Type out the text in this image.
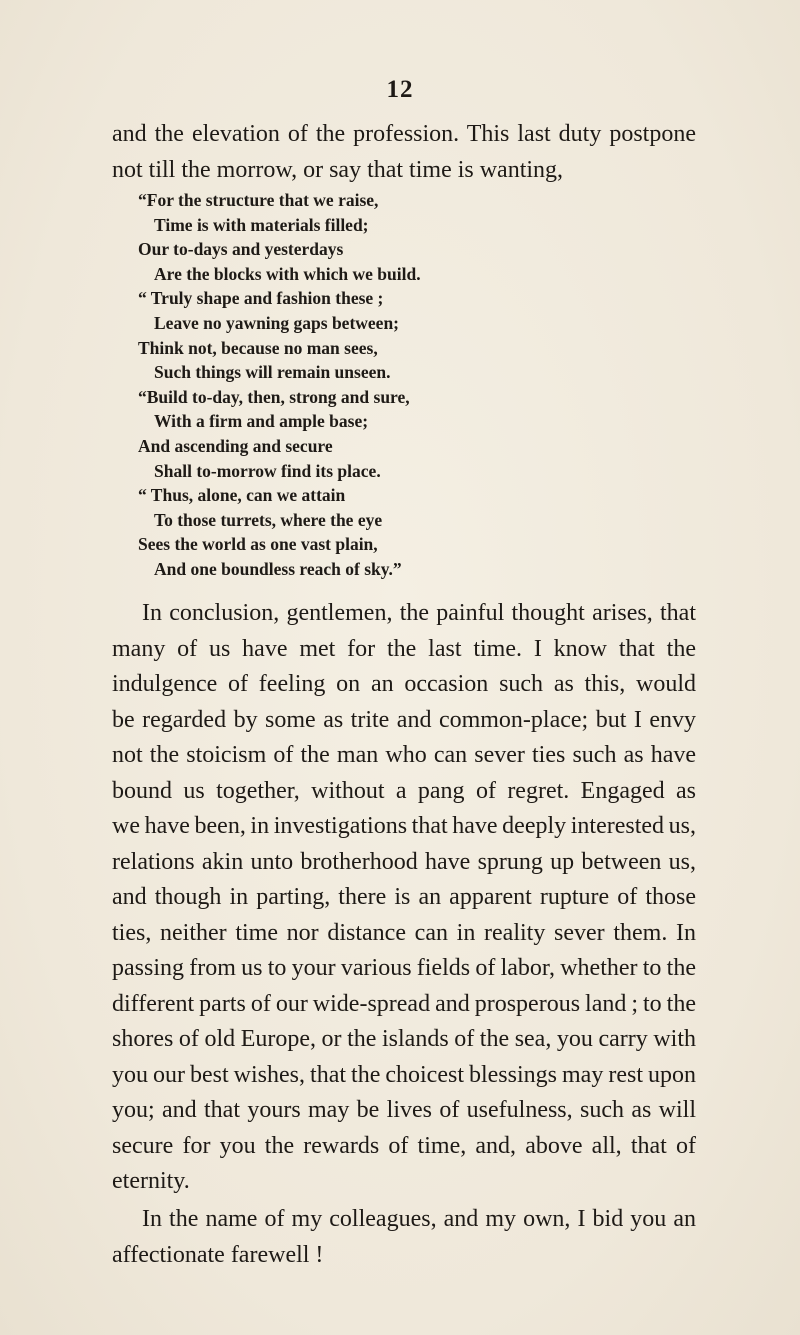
12

and the elevation of the profession. This last duty postpone
not till the morrow, or say that time is wanting,

“For the structure that we raise,
Time is with materials filled;
Our to-days and yesterdays
Are the blocks with which we build.
“ Truly shape and fashion these ;
Leave no yawning gaps between;
Think not, because no man sees,
Such things will remain unseen.
“Build to-day, then, strong and sure,
With a firm and ample base;
And ascending and secure
Shall to-morrow find its place.
“ Thus, alone, can we attain
To those turrets, where the eye
Sees the world as one vast plain,
And one boundless reach of sky.”

In conclusion, gentlemen, the painful thought arises, that
many of us have met for the last time. I know that the
indulgence of feeling on an occasion such as this, would
be regarded by some as trite and common-place; but I envy
not the stoicism of the man who can sever ties such as have
bound us together, without a pang of regret. Engaged as
we have been, in investigations that have deeply interested us,
relations akin unto brotherhood have sprung up between us,
and though in parting, there is an apparent rupture of those
ties, neither time nor distance can in reality sever them. In
passing from us to your various fields of labor, whether to the
different parts of our wide-spread and prosperous land ; to the
shores of old Europe, or the islands of the sea, you carry with
you our best wishes, that the choicest blessings may rest upon
you; and that yours may be lives of usefulness, such as will
secure for you the rewards of time, and, above all, that of
eternity.

In the name of my colleagues, and my own, I bid you an
affectionate farewell !
